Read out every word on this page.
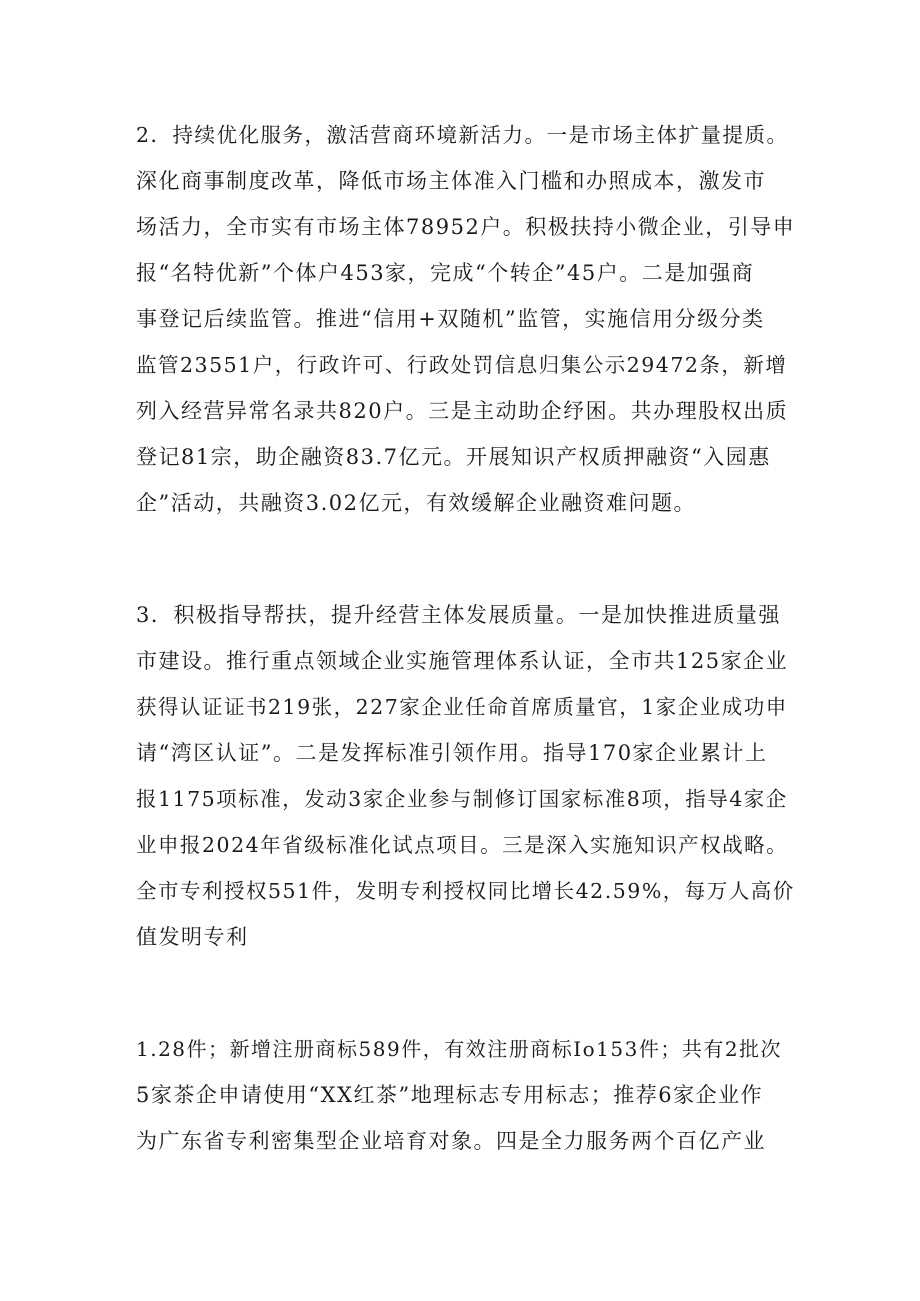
2．持续优化服务，激活营商环境新活力。一是市场主体扩量提质。
深化商事制度改革，降低市场主体准入门槛和办照成本，激发市
场活力，全市实有市场主体78952户。积极扶持小微企业，引导申
报“名特优新”个体户453家，完成“个转企”45户。二是加强商
事登记后续监管。推进“信用+双随机”监管，实施信用分级分类
监管23551户，行政许可、行政处罚信息归集公示29472条，新增
列入经营异常名录共820户。三是主动助企纾困。共办理股权出质
登记81宗，助企融资83.7亿元。开展知识产权质押融资“入园惠
企”活动，共融资3.02亿元，有效缓解企业融资难问题。
3．积极指导帮扶，提升经营主体发展质量。一是加快推进质量强
市建设。推行重点领域企业实施管理体系认证，全市共125家企业
获得认证证书219张，227家企业任命首席质量官，1家企业成功申
请“湾区认证”。二是发挥标准引领作用。指导170家企业累计上
报1175项标准，发动3家企业参与制修订国家标准8项，指导4家企
业申报2024年省级标准化试点项目。三是深入实施知识产权战略。
全市专利授权551件，发明专利授权同比增长42.59%，每万人高价
值发明专利
1.28件；新增注册商标589件，有效注册商标Io153件；共有2批次
5家茶企申请使用“XX红茶”地理标志专用标志；推荐6家企业作
为广东省专利密集型企业培育对象。四是全力服务两个百亿产业
